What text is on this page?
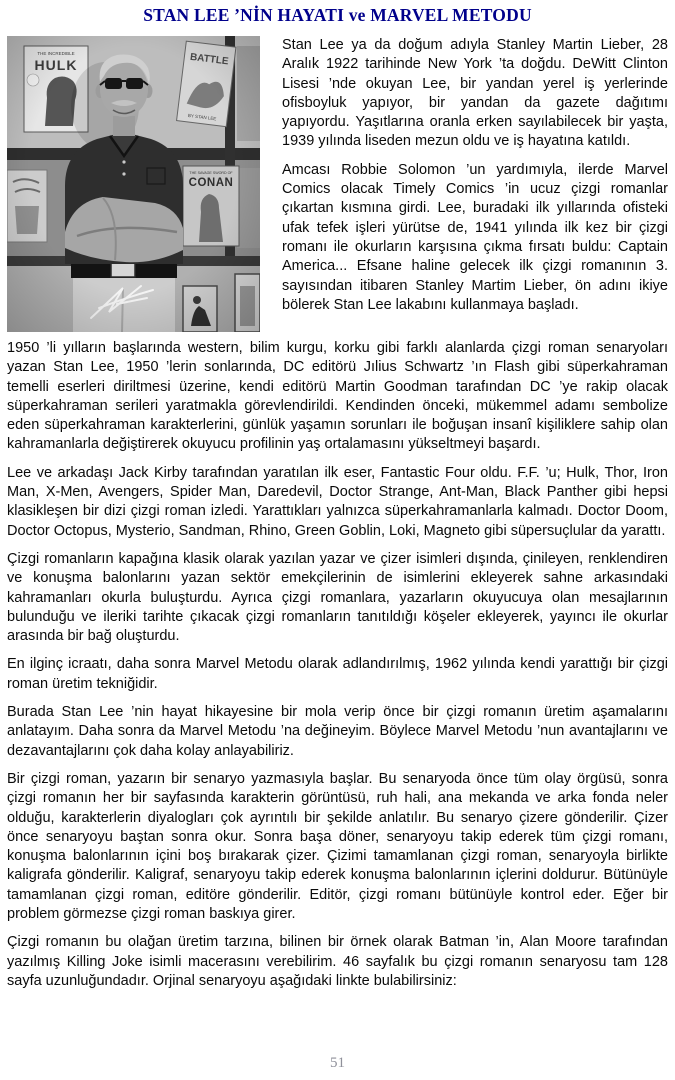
STAN LEE ’NİN HAYATI ve MARVEL METODU

Stan Lee ya da doğum adıyla Stanley Martin Lieber, 28 Aralık 1922 tarihinde New York ’ta doğdu. DeWitt Clinton Lisesi ’nde okuyan Lee, bir yandan yerel iş yerlerinde ofisboyluk yapıyor, bir yandan da gazete dağıtımı yapıyordu. Yaşıtlarına oranla erken sayılabilecek bir yaşta, 1939 yılında liseden mezun oldu ve iş hayatına katıldı.

Amcası Robbie Solomon ’un yardımıyla, ilerde Marvel Comics olacak Timely Comics ’in ucuz çizgi romanlar çıkartan kısmına girdi. Lee, buradaki ilk yıllarında ofisteki ufak tefek işleri yürütse de, 1941 yılında ilk kez bir çizgi romanı ile okurların karşısına çıkma fırsatı buldu: Captain America... Efsane haline gelecek ilk çizgi romanının 3. sayısından itibaren Stanley Martim Lieber, ön adını ikiye bölerek Stan Lee lakabını kullanmaya başladı.

1950 ’li yılların başlarında western, bilim kurgu, korku gibi farklı alanlarda çizgi roman senaryoları yazan Stan Lee, 1950 ’lerin sonlarında, DC editörü Jılius Schwartz ’ın Flash gibi süperkahraman temelli eserleri diriltmesi üzerine, kendi editörü Martin Goodman tarafından DC ’ye rakip olacak süperkahraman serileri yaratmakla görevlendirildi. Kendinden önceki, mükemmel adamı sembolize eden süperkahraman karakterlerini, günlük yaşamın sorunları ile boğuşan insanî kişiliklere sahip olan kahramanlarla değiştirerek okuyucu profilinin yaş ortalamasını yükseltmeyi başardı.

Lee ve arkadaşı Jack Kirby tarafından yaratılan ilk eser, Fantastic Four oldu. F.F. ’u; Hulk, Thor, Iron Man, X-Men, Avengers, Spider Man, Daredevil, Doctor Strange, Ant-Man, Black Panther gibi hepsi klasikleşen bir dizi çizgi roman izledi. Yarattıkları yalnızca süperkahramanlarla kalmadı. Doctor Doom, Doctor Octopus, Mysterio, Sandman, Rhino, Green Goblin, Loki, Magneto gibi süpersuçlular da yarattı.

Çizgi romanların kapağına klasik olarak yazılan yazar ve çizer isimleri dışında, çinileyen, renklendiren ve konuşma balonlarını yazan sektör emekçilerinin de isimlerini ekleyerek sahne arkasındaki kahramanları okurla buluşturdu. Ayrıca çizgi romanlara, yazarların okuyucuya olan mesajlarının bulunduğu ve ileriki tarihte çıkacak çizgi romanların tanıtıldığı köşeler ekleyerek, yayıncı ile okurlar arasında bir bağ oluşturdu.

En ilginç icraatı, daha sonra Marvel Metodu olarak adlandırılmış, 1962 yılında kendi yarattığı bir çizgi roman üretim tekniğidir.

Burada Stan Lee ’nin hayat hikayesine bir mola verip önce bir çizgi romanın üretim aşamalarını anlatayım. Daha sonra da Marvel Metodu ’na değineyim. Böylece Marvel Metodu ’nun avantajlarını ve dezavantajlarını çok daha kolay anlayabiliriz.

Bir çizgi roman, yazarın bir senaryo yazmasıyla başlar. Bu senaryoda önce tüm olay örgüsü, sonra çizgi romanın her bir sayfasında karakterin görüntüsü, ruh hali, ana mekanda ve arka fonda neler olduğu, karakterlerin diyalogları çok ayrıntılı bir şekilde anlatılır. Bu senaryo çizere gönderilir. Çizer önce senaryoyu baştan sonra okur. Sonra başa döner, senaryoyu takip ederek tüm çizgi romanı, konuşma balonlarının içini boş bırakarak çizer. Çizimi tamamlanan çizgi roman, senaryoyla birlikte kaligrafa gönderilir. Kaligraf, senaryoyu takip ederek konuşma balonlarının içlerini doldurur. Bütünüyle tamamlanan çizgi roman, editöre gönderilir. Editör, çizgi romanı bütünüyle kontrol eder. Eğer bir problem görmezse çizgi roman baskıya girer.

Çizgi romanın bu olağan üretim tarzına, bilinen bir örnek olarak Batman ’in, Alan Moore tarafından yazılmış Killing Joke isimli macerasını verebilirim. 46 sayfalık bu çizgi romanın senaryosu tam 128 sayfa uzunluğundadır. Orjinal senaryoyu aşağıdaki linkte bulabilirsiniz:

51
